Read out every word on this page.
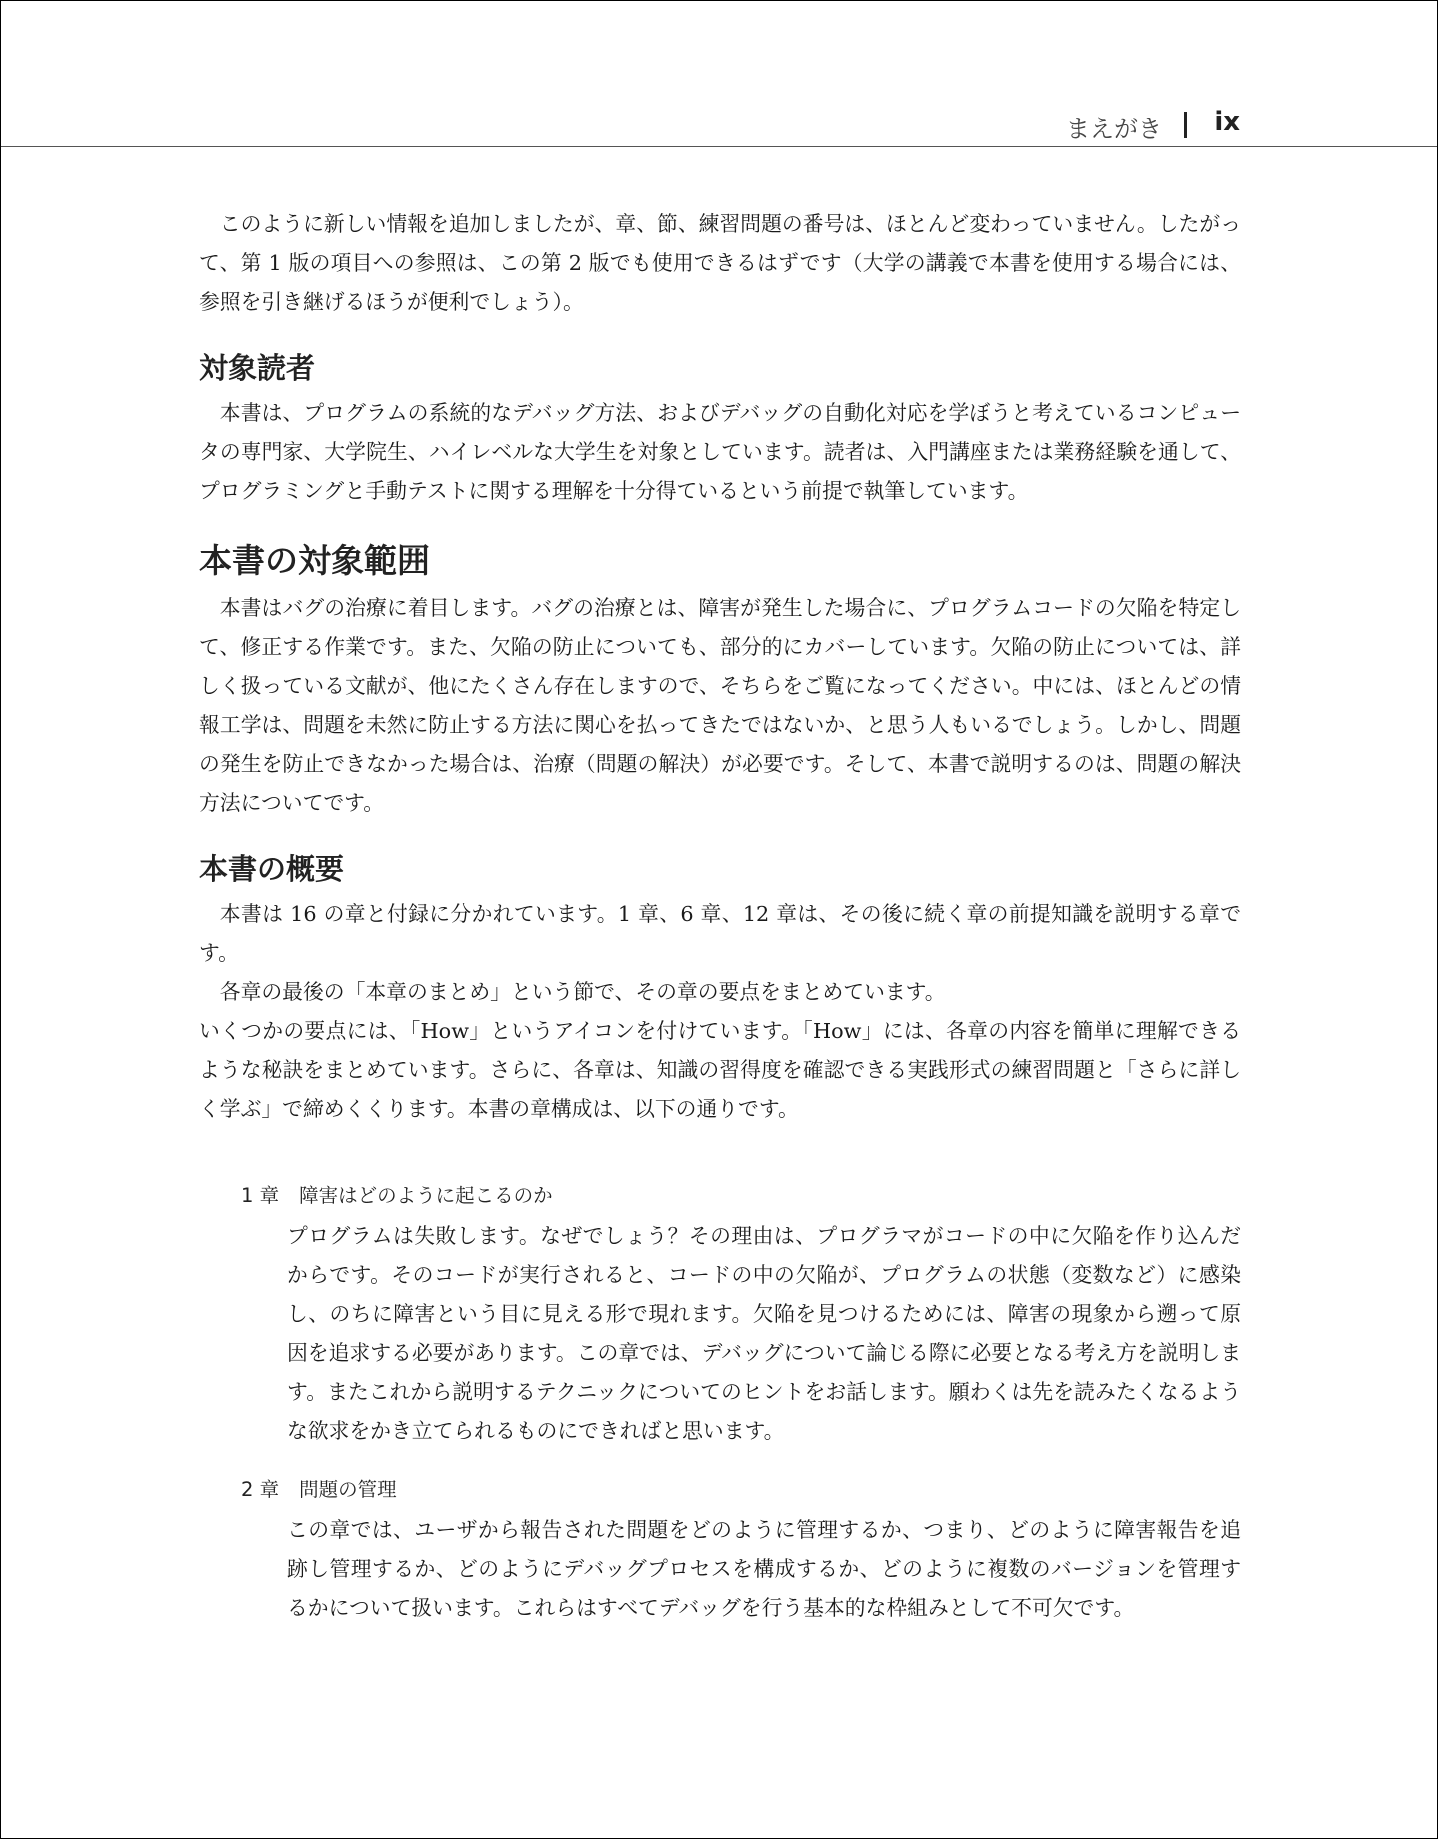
まえがき ix

このように新しい情報を追加しましたが、章、節、練習問題の番号は、ほとんど変わっていません。したがって、第 1 版の項目への参照は、この第 2 版でも使用できるはずです（大学の講義で本書を使用する場合には、参照を引き継げるほうが便利でしょう）。

対象読者

本書は、プログラムの系統的なデバッグ方法、およびデバッグの自動化対応を学ぼうと考えているコンピュータの専門家、大学院生、ハイレベルな大学生を対象としています。読者は、入門講座または業務経験を通して、プログラミングと手動テストに関する理解を十分得ているという前提で執筆しています。

本書の対象範囲

本書はバグの治療に着目します。バグの治療とは、障害が発生した場合に、プログラムコードの欠陥を特定して、修正する作業です。また、欠陥の防止についても、部分的にカバーしています。欠陥の防止については、詳しく扱っている文献が、他にたくさん存在しますので、そちらをご覧になってください。中には、ほとんどの情報工学は、問題を未然に防止する方法に関心を払ってきたではないか、と思う人もいるでしょう。しかし、問題の発生を防止できなかった場合は、治療（問題の解決）が必要です。そして、本書で説明するのは、問題の解決方法についてです。

本書の概要

本書は 16 の章と付録に分かれています。1 章、6 章、12 章は、その後に続く章の前提知識を説明する章です。

各章の最後の「本章のまとめ」という節で、その章の要点をまとめています。

いくつかの要点には、「How」というアイコンを付けています。「How」には、各章の内容を簡単に理解できるような秘訣をまとめています。さらに、各章は、知識の習得度を確認できる実践形式の練習問題と「さらに詳しく学ぶ」で締めくくります。本書の章構成は、以下の通りです。

1 章 障害はどのように起こるのか

プログラムは失敗します。なぜでしょう？その理由は、プログラマがコードの中に欠陥を作り込んだからです。そのコードが実行されると、コードの中の欠陥が、プログラムの状態（変数など）に感染し、のちに障害という目に見える形で現れます。欠陥を見つけるためには、障害の現象から遡って原因を追求する必要があります。この章では、デバッグについて論じる際に必要となる考え方を説明します。またこれから説明するテクニックについてのヒントをお話します。願わくは先を読みたくなるような欲求をかき立てられるものにできればと思います。

2 章 問題の管理

この章では、ユーザから報告された問題をどのように管理するか、つまり、どのように障害報告を追跡し管理するか、どのようにデバッグプロセスを構成するか、どのように複数のバージョンを管理するかについて扱います。これらはすべてデバッグを行う基本的な枠組みとして不可欠です。
